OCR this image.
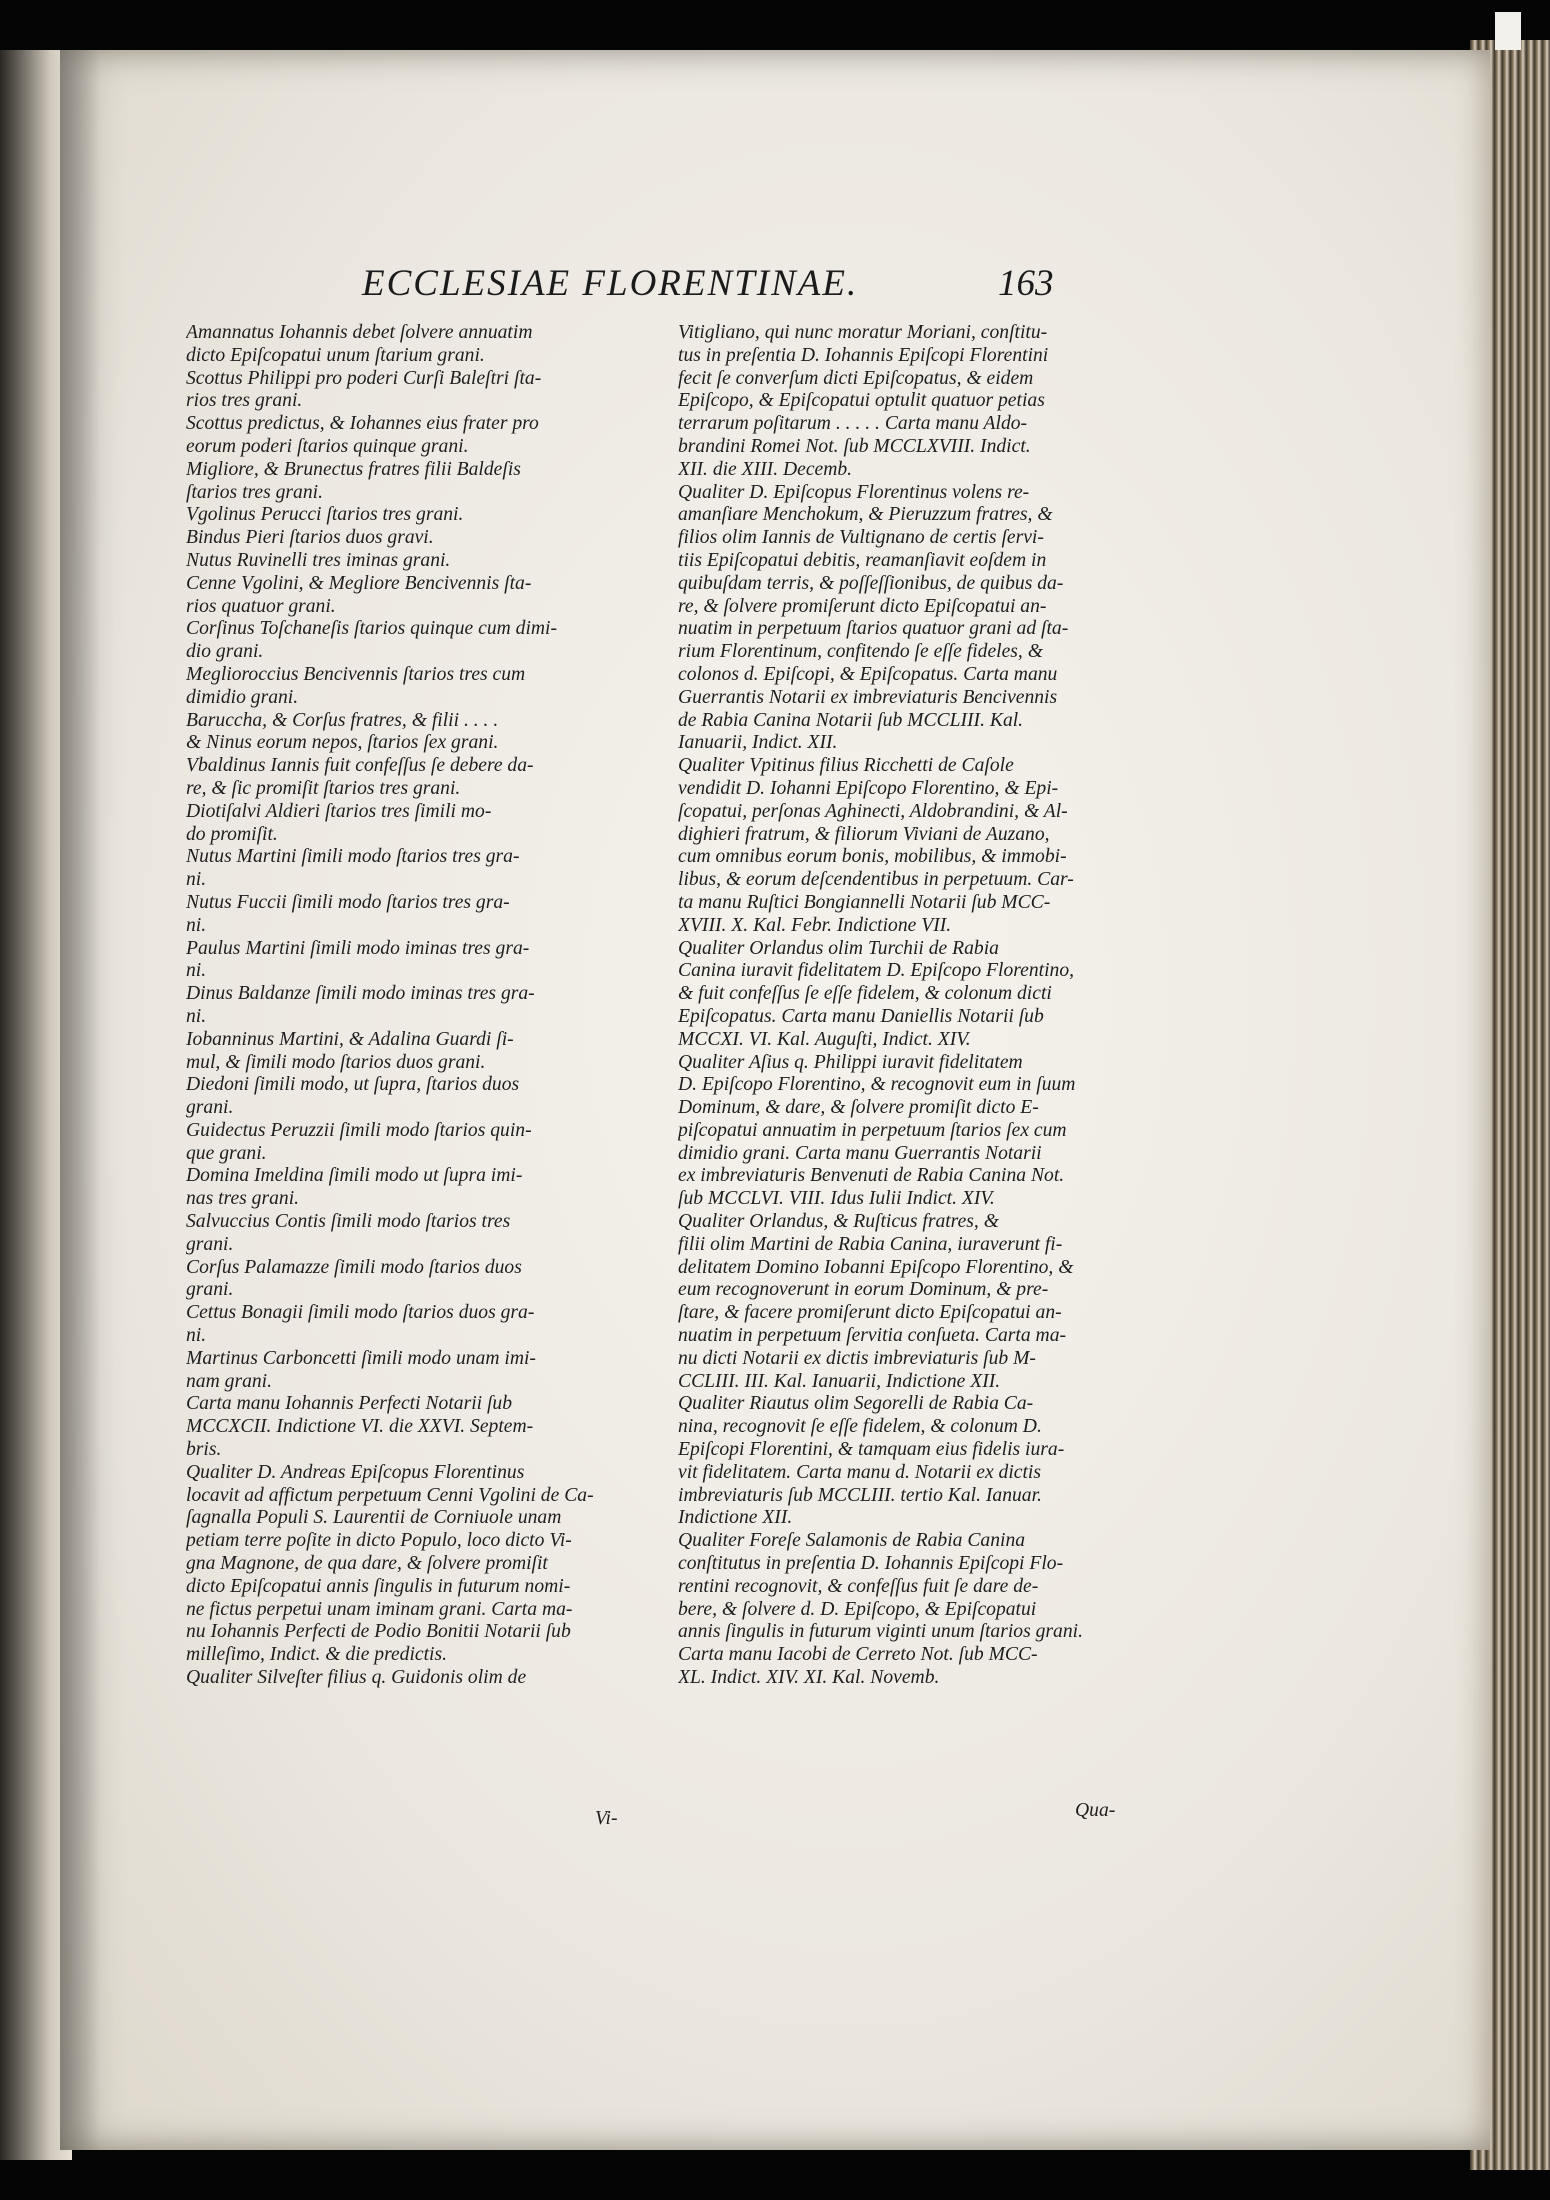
ECCLESIAE FLORENTINAE.	163
Amannatus Iohannis debet ſolvere annuatim
dicto Epiſcopatui unum ſtarium grani.
Scottus Philippi pro poderi Curſi Baleſtri ſta-
rios tres grani.
Scottus predictus, & Iohannes eius frater pro
eorum poderi ſtarios quinque grani.
Migliore, & Brunectus fratres filii Baldeſis
ſtarios tres grani.
Vgolinus Perucci ſtarios tres grani.
Bindus Pieri ſtarios duos gravi.
Nutus Ruvinelli tres iminas grani.
Cenne Vgolini, & Megliore Bencivennis ſta-
rios quatuor grani.
Corſinus Toſchaneſis ſtarios quinque cum dimi-
dio grani.
Meglioroccius Bencivennis ſtarios tres cum
dimidio grani.
Baruccha, & Corſus fratres, & filii . . . .
& Ninus eorum nepos, ſtarios ſex grani.
Vbaldinus Iannis fuit confeſſus ſe debere da-
re, & ſic promiſit ſtarios tres grani.
Diotiſalvi Aldieri ſtarios tres ſimili mo-
do promiſit.
Nutus Martini ſimili modo ſtarios tres gra-
ni.
Nutus Fuccii ſimili modo ſtarios tres gra-
ni.
Paulus Martini ſimili modo iminas tres gra-
ni.
Dinus Baldanze ſimili modo iminas tres gra-
ni.
Iobanninus Martini, & Adalina Guardi ſi-
mul, & ſimili modo ſtarios duos grani.
Diedoni ſimili modo, ut ſupra, ſtarios duos
grani.
Guidectus Peruzzii ſimili modo ſtarios quin-
que grani.
Domina Imeldina ſimili modo ut ſupra imi-
nas tres grani.
Salvuccius Contis ſimili modo ſtarios tres
grani.
Corſus Palamazze ſimili modo ſtarios duos
grani.
Cettus Bonagii ſimili modo ſtarios duos gra-
ni.
Martinus Carboncetti ſimili modo unam imi-
nam grani.
Carta manu Iohannis Perfecti Notarii ſub
MCCXCII. Indictione VI. die XXVI. Septem-
bris.
Qualiter D. Andreas Epiſcopus Florentinus
locavit ad affictum perpetuum Cenni Vgolini de Ca-
ſagnalla Populi S. Laurentii de Corniuole unam
petiam terre poſite in dicto Populo, loco dicto Vi-
gna Magnone, de qua dare, & ſolvere promiſit
dicto Epiſcopatui annis ſingulis in futurum nomi-
ne fictus perpetui unam iminam grani. Carta ma-
nu Iohannis Perfecti de Podio Bonitii Notarii ſub
milleſimo, Indict. & die predictis.
Qualiter Silveſter filius q. Guidonis olim de
Vitigliano, qui nunc moratur Moriani, conſtitu-
tus in preſentia D. Iohannis Epiſcopi Florentini
fecit ſe converſum dicti Epiſcopatus, & eidem
Epiſcopo, & Epiſcopatui optulit quatuor petias
terrarum poſitarum . . . . . Carta manu Aldo-
brandini Romei Not. ſub MCCLXVIII. Indict.
XII. die XIII. Decemb.
Qualiter D. Epiſcopus Florentinus volens re-
amanſiare Menchokum, & Pieruzzum fratres, &
filios olim Iannis de Vultignano de certis ſervi-
tiis Epiſcopatui debitis, reamanſiavit eoſdem in
quibuſdam terris, & poſſeſſionibus, de quibus da-
re, & ſolvere promiſerunt dicto Epiſcopatui an-
nuatim in perpetuum ſtarios quatuor grani ad ſta-
rium Florentinum, confitendo ſe eſſe fideles, &
colonos d. Epiſcopi, & Epiſcopatus. Carta manu
Guerrantis Notarii ex imbreviaturis Bencivennis
de Rabia Canina Notarii ſub MCCLIII. Kal.
Ianuarii, Indict. XII.
Qualiter Vpitinus filius Ricchetti de Caſole
vendidit D. Iohanni Epiſcopo Florentino, & Epi-
ſcopatui, perſonas Aghinecti, Aldobrandini, & Al-
dighieri fratrum, & filiorum Viviani de Auzano,
cum omnibus eorum bonis, mobilibus, & immobi-
libus, & eorum deſcendentibus in perpetuum. Car-
ta manu Ruſtici Bongiannelli Notarii ſub MCC-
XVIII. X. Kal. Febr. Indictione VII.
Qualiter Orlandus olim Turchii de Rabia
Canina iuravit fidelitatem D. Epiſcopo Florentino,
& fuit confeſſus ſe eſſe fidelem, & colonum dicti
Epiſcopatus. Carta manu Daniellis Notarii ſub
MCCXI. VI. Kal. Auguſti, Indict. XIV.
Qualiter Aſius q. Philippi iuravit fidelitatem
D. Epiſcopo Florentino, & recognovit eum in ſuum
Dominum, & dare, & ſolvere promiſit dicto E-
piſcopatui annuatim in perpetuum ſtarios ſex cum
dimidio grani. Carta manu Guerrantis Notarii
ex imbreviaturis Benvenuti de Rabia Canina Not.
ſub MCCLVI. VIII. Idus Iulii Indict. XIV.
Qualiter Orlandus, & Ruſticus fratres, &
filii olim Martini de Rabia Canina, iuraverunt fi-
delitatem Domino Iobanni Epiſcopo Florentino, &
eum recognoverunt in eorum Dominum, & pre-
ſtare, & facere promiſerunt dicto Epiſcopatui an-
nuatim in perpetuum ſervitia conſueta. Carta ma-
nu dicti Notarii ex dictis imbreviaturis ſub M-
CCLIII. III. Kal. Ianuarii, Indictione XII.
Qualiter Riautus olim Segorelli de Rabia Ca-
nina, recognovit ſe eſſe fidelem, & colonum D.
Epiſcopi Florentini, & tamquam eius fidelis iura-
vit fidelitatem. Carta manu d. Notarii ex dictis
imbreviaturis ſub MCCLIII. tertio Kal. Ianuar.
Indictione XII.
Qualiter Foreſe Salamonis de Rabia Canina
conſtitutus in preſentia D. Iohannis Epiſcopi Flo-
rentini recognovit, & confeſſus fuit ſe dare de-
bere, & ſolvere d. D. Epiſcopo, & Epiſcopatui
annis ſingulis in futurum viginti unum ſtarios grani.
Carta manu Iacobi de Cerreto Not. ſub MCC-
XL. Indict. XIV. XI. Kal. Novemb.
Vi-	Qua-
